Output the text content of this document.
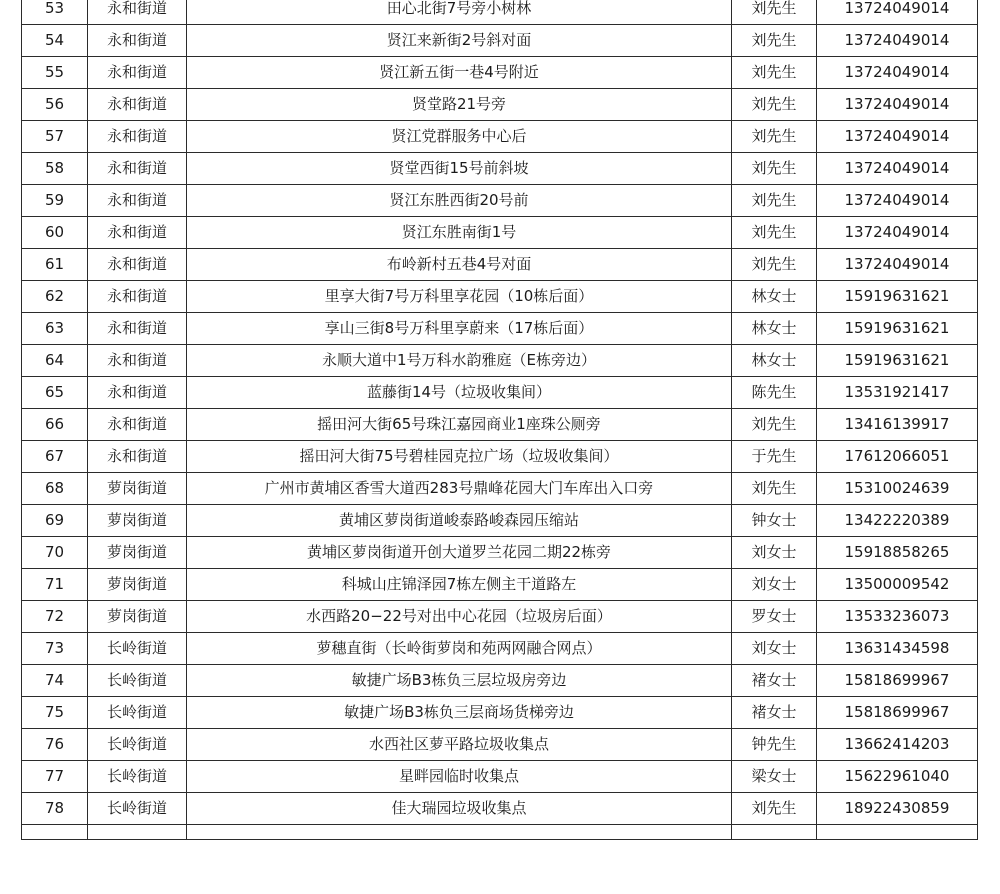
53	永和街道	田心北街7号旁小树林	刘先生	13724049014
54	永和街道	贤江来新街2号斜对面	刘先生	13724049014
55	永和街道	贤江新五街一巷4号附近	刘先生	13724049014
56	永和街道	贤堂路21号旁	刘先生	13724049014
57	永和街道	贤江党群服务中心后	刘先生	13724049014
58	永和街道	贤堂西街15号前斜坡	刘先生	13724049014
59	永和街道	贤江东胜西街20号前	刘先生	13724049014
60	永和街道	贤江东胜南街1号	刘先生	13724049014
61	永和街道	布岭新村五巷4号对面	刘先生	13724049014
62	永和街道	里享大街7号万科里享花园（10栋后面）	林女士	15919631621
63	永和街道	享山三街8号万科里享蔚来（17栋后面）	林女士	15919631621
64	永和街道	永顺大道中1号万科水韵雅庭（E栋旁边）	林女士	15919631621
65	永和街道	蓝藤街14号（垃圾收集间）	陈先生	13531921417
66	永和街道	摇田河大街65号珠江嘉园商业1座珠公厕旁	刘先生	13416139917
67	永和街道	摇田河大街75号碧桂园克拉广场（垃圾收集间）	于先生	17612066051
68	萝岗街道	广州市黄埔区香雪大道西283号鼎峰花园大门车库出入口旁	刘先生	15310024639
69	萝岗街道	黄埔区萝岗街道峻泰路峻森园压缩站	钟女士	13422220389
70	萝岗街道	黄埔区萝岗街道开创大道罗兰花园二期22栋旁	刘女士	15918858265
71	萝岗街道	科城山庄锦泽园7栋左侧主干道路左	刘女士	13500009542
72	萝岗街道	水西路20−22号对出中心花园（垃圾房后面）	罗女士	13533236073
73	长岭街道	萝穗直街（长岭街萝岗和苑两网融合网点）	刘女士	13631434598
74	长岭街道	敏捷广场B3栋负三层垃圾房旁边	褚女士	15818699967
75	长岭街道	敏捷广场B3栋负三层商场货梯旁边	褚女士	15818699967
76	长岭街道	水西社区萝平路垃圾收集点	钟先生	13662414203
77	长岭街道	星畔园临时收集点	梁女士	15622961040
78	长岭街道	佳大瑞园垃圾收集点	刘先生	18922430859
